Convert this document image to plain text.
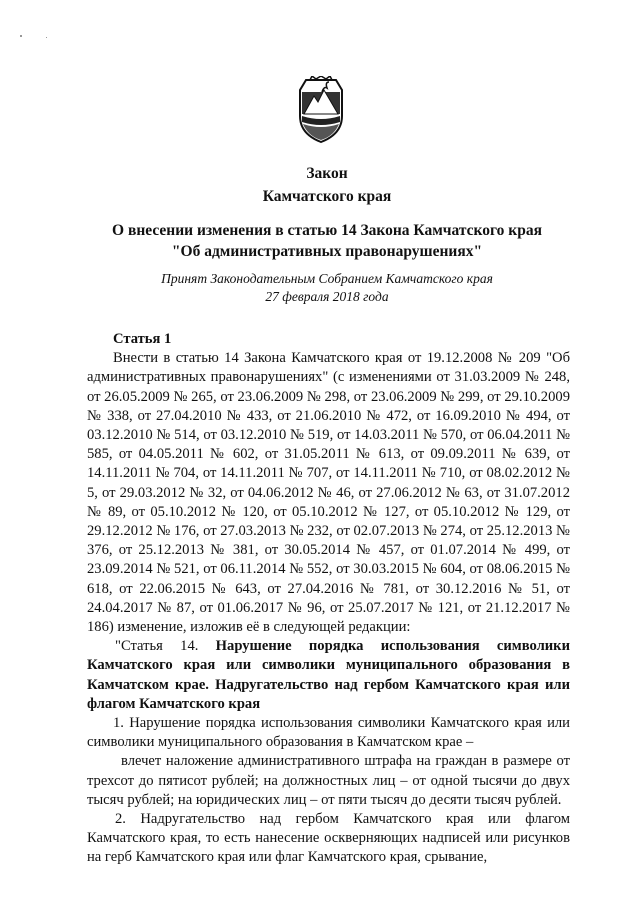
Закон
Камчатского края
О внесении изменения в статью 14 Закона Камчатского края
"Об административных правонарушениях"
Принят Законодательным Собранием Камчатского края
27 февраля 2018 года

Статья 1

Внести в статью 14 Закона Камчатского края от 19.12.2008 № 209 "Об административных правонарушениях" (с изменениями от 31.03.2009 № 248, от 26.05.2009 № 265, от 23.06.2009 № 298, от 23.06.2009 № 299, от 29.10.2009 № 338, от 27.04.2010 № 433, от 21.06.2010 № 472, от 16.09.2010 № 494, от 03.12.2010 № 514, от 03.12.2010 № 519, от 14.03.2011 № 570, от 06.04.2011 № 585, от 04.05.2011 № 602, от 31.05.2011 № 613, от 09.09.2011 № 639, от 14.11.2011 № 704, от 14.11.2011 № 707, от 14.11.2011 № 710, от 08.02.2012 № 5, от 29.03.2012 № 32, от 04.06.2012 № 46, от 27.06.2012 № 63, от 31.07.2012 № 89, от 05.10.2012 № 120, от 05.10.2012 № 127, от 05.10.2012 № 129, от 29.12.2012 № 176, от 27.03.2013 № 232, от 02.07.2013 № 274, от 25.12.2013 № 376, от 25.12.2013 № 381, от 30.05.2014 № 457, от 01.07.2014 № 499, от 23.09.2014 № 521, от 06.11.2014 № 552, от 30.03.2015 № 604, от 08.06.2015 № 618, от 22.06.2015 № 643, от 27.04.2016 № 781, от 30.12.2016 № 51, от 24.04.2017 № 87, от 01.06.2017 № 96, от 25.07.2017 № 121, от 21.12.2017 № 186) изменение, изложив её в следующей редакции:

"Статья 14. Нарушение порядка использования символики Камчатского края или символики муниципального образования в Камчатском крае. Надругательство над гербом Камчатского края или флагом Камчатского края

1. Нарушение порядка использования символики Камчатского края или символики муниципального образования в Камчатском крае –

влечет наложение административного штрафа на граждан в размере от трехсот до пятисот рублей; на должностных лиц – от одной тысячи до двух тысяч рублей; на юридических лиц – от пяти тысяч до десяти тысяч рублей.

2. Надругательство над гербом Камчатского края или флагом Камчатского края, то есть нанесение оскверняющих надписей или рисунков на герб Камчатского края или флаг Камчатского края, срывание,
